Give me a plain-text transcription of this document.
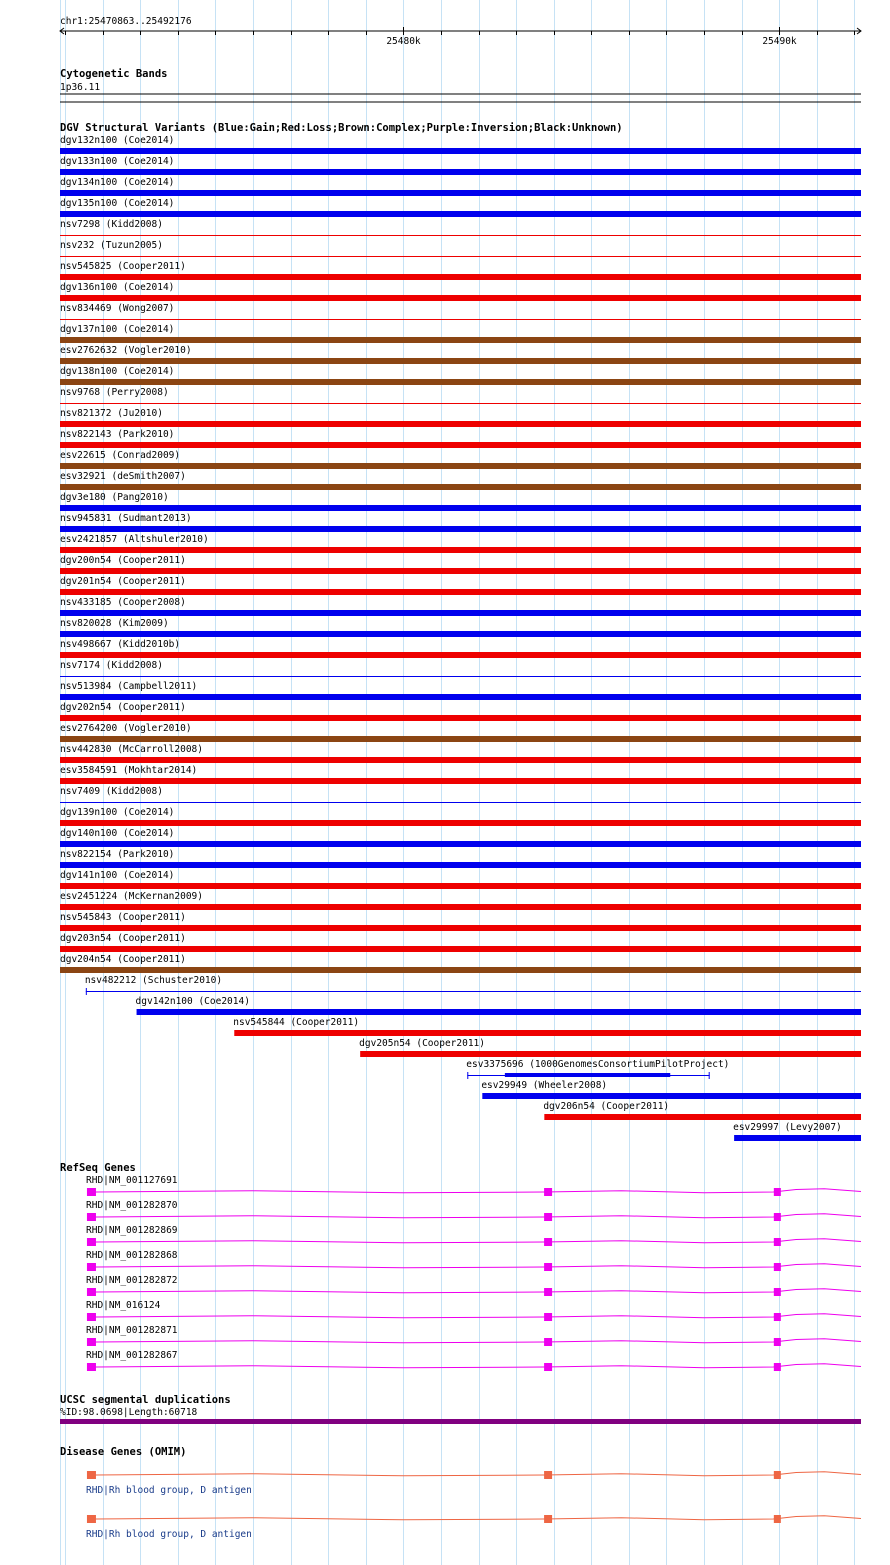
chr1:25470863..25492176
25480k	25490k
Cytogenetic Bands
1p36.11
DGV Structural Variants (Blue:Gain;Red:Loss;Brown:Complex;Purple:Inversion;Black:Unknown)
dgv132n100 (Coe2014)
dgv133n100 (Coe2014)
dgv134n100 (Coe2014)
dgv135n100 (Coe2014)
nsv7298 (Kidd2008)
nsv232 (Tuzun2005)
nsv545825 (Cooper2011)
dgv136n100 (Coe2014)
nsv834469 (Wong2007)
dgv137n100 (Coe2014)
esv2762632 (Vogler2010)
dgv138n100 (Coe2014)
nsv9768 (Perry2008)
nsv821372 (Ju2010)
nsv822143 (Park2010)
esv22615 (Conrad2009)
esv32921 (deSmith2007)
dgv3e180 (Pang2010)
nsv945831 (Sudmant2013)
esv2421857 (Altshuler2010)
dgv200n54 (Cooper2011)
dgv201n54 (Cooper2011)
nsv433185 (Cooper2008)
nsv820028 (Kim2009)
nsv498667 (Kidd2010b)
nsv7174 (Kidd2008)
nsv513984 (Campbell2011)
dgv202n54 (Cooper2011)
esv2764200 (Vogler2010)
nsv442830 (McCarroll2008)
esv3584591 (Mokhtar2014)
nsv7409 (Kidd2008)
dgv139n100 (Coe2014)
dgv140n100 (Coe2014)
nsv822154 (Park2010)
dgv141n100 (Coe2014)
esv2451224 (McKernan2009)
nsv545843 (Cooper2011)
dgv203n54 (Cooper2011)
dgv204n54 (Cooper2011)
nsv482212 (Schuster2010)
dgv142n100 (Coe2014)
nsv545844 (Cooper2011)
dgv205n54 (Cooper2011)
esv3375696 (1000GenomesConsortiumPilotProject)
esv29949 (Wheeler2008)
dgv206n54 (Cooper2011)
esv29997 (Levy2007)
RefSeq Genes
RHD|NM_001127691
RHD|NM_001282870
RHD|NM_001282869
RHD|NM_001282868
RHD|NM_001282872
RHD|NM_016124
RHD|NM_001282871
RHD|NM_001282867
UCSC segmental duplications
%ID:98.0698|Length:60718
Disease Genes (OMIM)
RHD|Rh blood group, D antigen
RHD|Rh blood group, D antigen
